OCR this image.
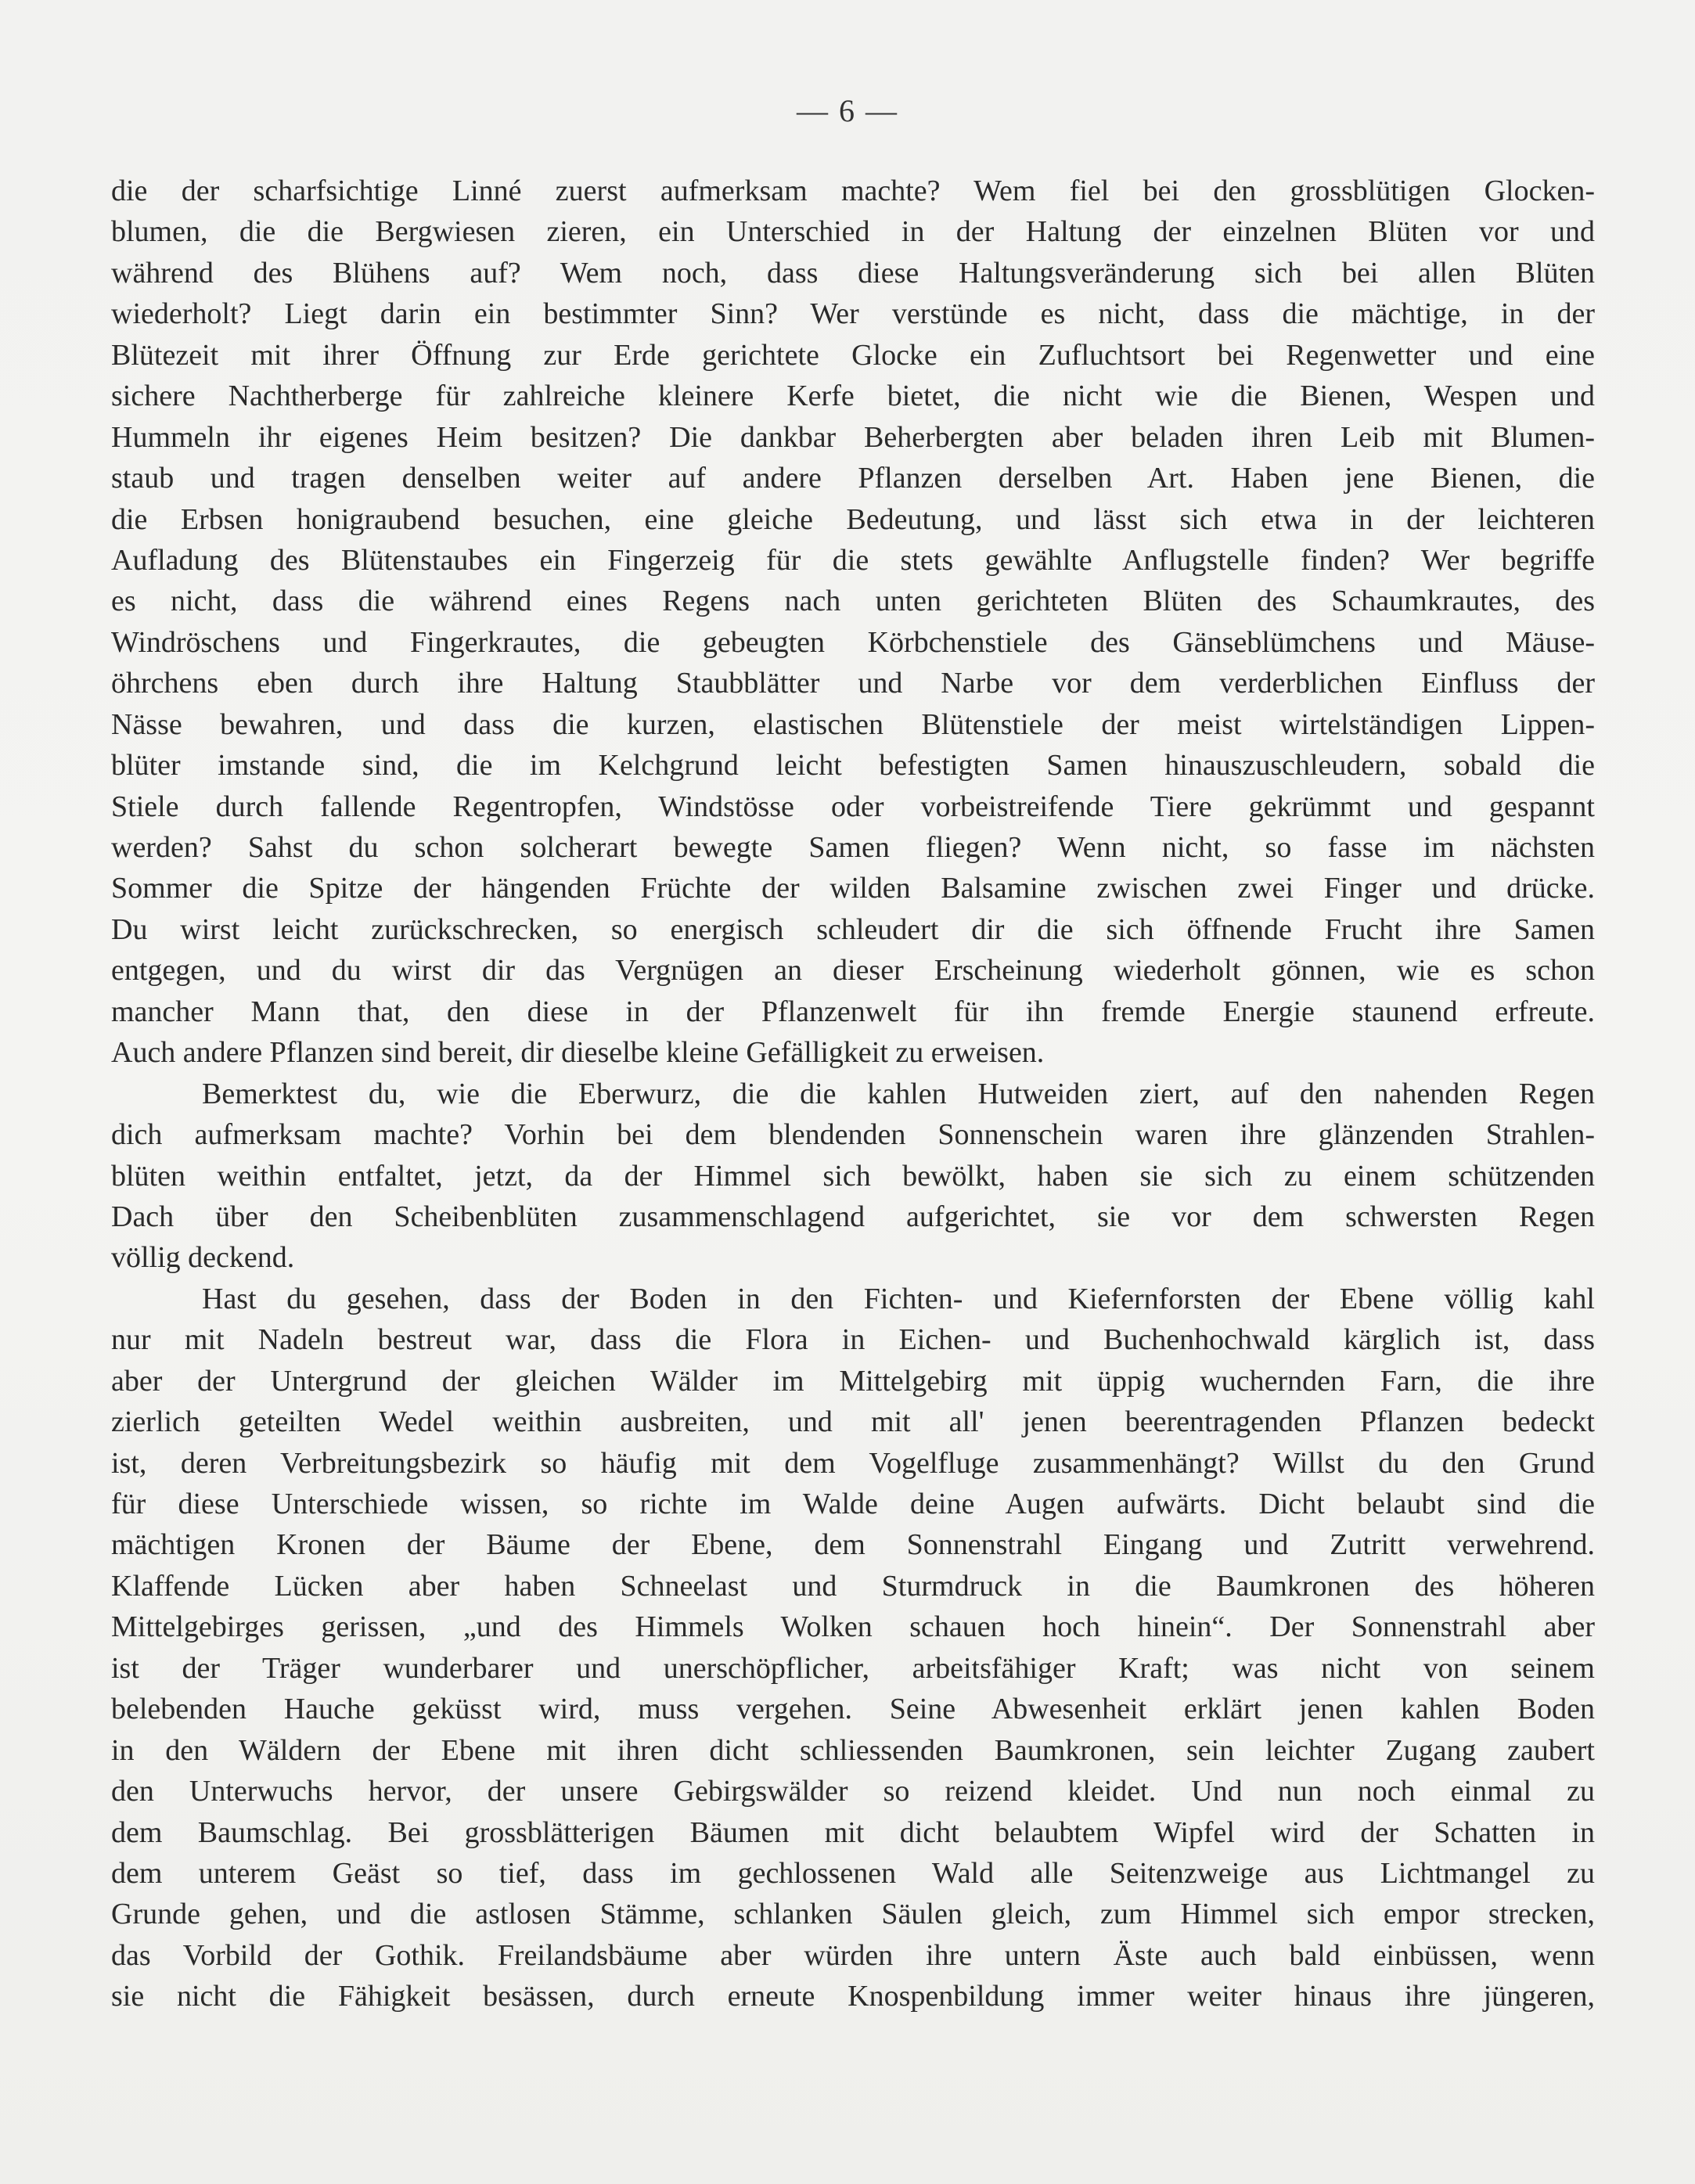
— 6 —
die der scharfsichtige Linné zuerst aufmerksam machte? Wem fiel bei den grossblütigen Glocken-
blumen, die die Bergwiesen zieren, ein Unterschied in der Haltung der einzelnen Blüten vor und
während des Blühens auf? Wem noch, dass diese Haltungsveränderung sich bei allen Blüten
wiederholt? Liegt darin ein bestimmter Sinn? Wer verstünde es nicht, dass die mächtige, in der
Blütezeit mit ihrer Öffnung zur Erde gerichtete Glocke ein Zufluchtsort bei Regenwetter und eine
sichere Nachtherberge für zahlreiche kleinere Kerfe bietet, die nicht wie die Bienen, Wespen und
Hummeln ihr eigenes Heim besitzen? Die dankbar Beherbergten aber beladen ihren Leib mit Blumen-
staub und tragen denselben weiter auf andere Pflanzen derselben Art. Haben jene Bienen, die
die Erbsen honigraubend besuchen, eine gleiche Bedeutung, und lässt sich etwa in der leichteren
Aufladung des Blütenstaubes ein Fingerzeig für die stets gewählte Anflugstelle finden? Wer begriffe
es nicht, dass die während eines Regens nach unten gerichteten Blüten des Schaumkrautes, des
Windröschens und Fingerkrautes, die gebeugten Körbchenstiele des Gänseblümchens und Mäuse-
öhrchens eben durch ihre Haltung Staubblätter und Narbe vor dem verderblichen Einfluss der
Nässe bewahren, und dass die kurzen, elastischen Blütenstiele der meist wirtelständigen Lippen-
blüter imstande sind, die im Kelchgrund leicht befestigten Samen hinauszuschleudern, sobald die
Stiele durch fallende Regentropfen, Windstösse oder vorbeistreifende Tiere gekrümmt und gespannt
werden? Sahst du schon solcherart bewegte Samen fliegen? Wenn nicht, so fasse im nächsten
Sommer die Spitze der hängenden Früchte der wilden Balsamine zwischen zwei Finger und drücke.
Du wirst leicht zurückschrecken, so energisch schleudert dir die sich öffnende Frucht ihre Samen
entgegen, und du wirst dir das Vergnügen an dieser Erscheinung wiederholt gönnen, wie es schon
mancher Mann that, den diese in der Pflanzenwelt für ihn fremde Energie staunend erfreute.
Auch andere Pflanzen sind bereit, dir dieselbe kleine Gefälligkeit zu erweisen.
Bemerktest du, wie die Eberwurz, die die kahlen Hutweiden ziert, auf den nahenden Regen
dich aufmerksam machte? Vorhin bei dem blendenden Sonnenschein waren ihre glänzenden Strahlen-
blüten weithin entfaltet, jetzt, da der Himmel sich bewölkt, haben sie sich zu einem schützenden
Dach über den Scheibenblüten zusammenschlagend aufgerichtet, sie vor dem schwersten Regen
völlig deckend.
Hast du gesehen, dass der Boden in den Fichten- und Kiefernforsten der Ebene völlig kahl
nur mit Nadeln bestreut war, dass die Flora in Eichen- und Buchenhochwald kärglich ist, dass
aber der Untergrund der gleichen Wälder im Mittelgebirg mit üppig wuchernden Farn, die ihre
zierlich geteilten Wedel weithin ausbreiten, und mit all' jenen beerentragenden Pflanzen bedeckt
ist, deren Verbreitungsbezirk so häufig mit dem Vogelfluge zusammenhängt? Willst du den Grund
für diese Unterschiede wissen, so richte im Walde deine Augen aufwärts. Dicht belaubt sind die
mächtigen Kronen der Bäume der Ebene, dem Sonnenstrahl Eingang und Zutritt verwehrend.
Klaffende Lücken aber haben Schneelast und Sturmdruck in die Baumkronen des höheren
Mittelgebirges gerissen, „und des Himmels Wolken schauen hoch hinein“. Der Sonnenstrahl aber
ist der Träger wunderbarer und unerschöpflicher, arbeitsfähiger Kraft; was nicht von seinem
belebenden Hauche geküsst wird, muss vergehen. Seine Abwesenheit erklärt jenen kahlen Boden
in den Wäldern der Ebene mit ihren dicht schliessenden Baumkronen, sein leichter Zugang zaubert
den Unterwuchs hervor, der unsere Gebirgswälder so reizend kleidet. Und nun noch einmal zu
dem Baumschlag. Bei grossblätterigen Bäumen mit dicht belaubtem Wipfel wird der Schatten in
dem unterem Geäst so tief, dass im gechlossenen Wald alle Seitenzweige aus Lichtmangel zu
Grunde gehen, und die astlosen Stämme, schlanken Säulen gleich, zum Himmel sich empor strecken,
das Vorbild der Gothik. Freilandsbäume aber würden ihre untern Äste auch bald einbüssen, wenn
sie nicht die Fähigkeit besässen, durch erneute Knospenbildung immer weiter hinaus ihre jüngeren,
